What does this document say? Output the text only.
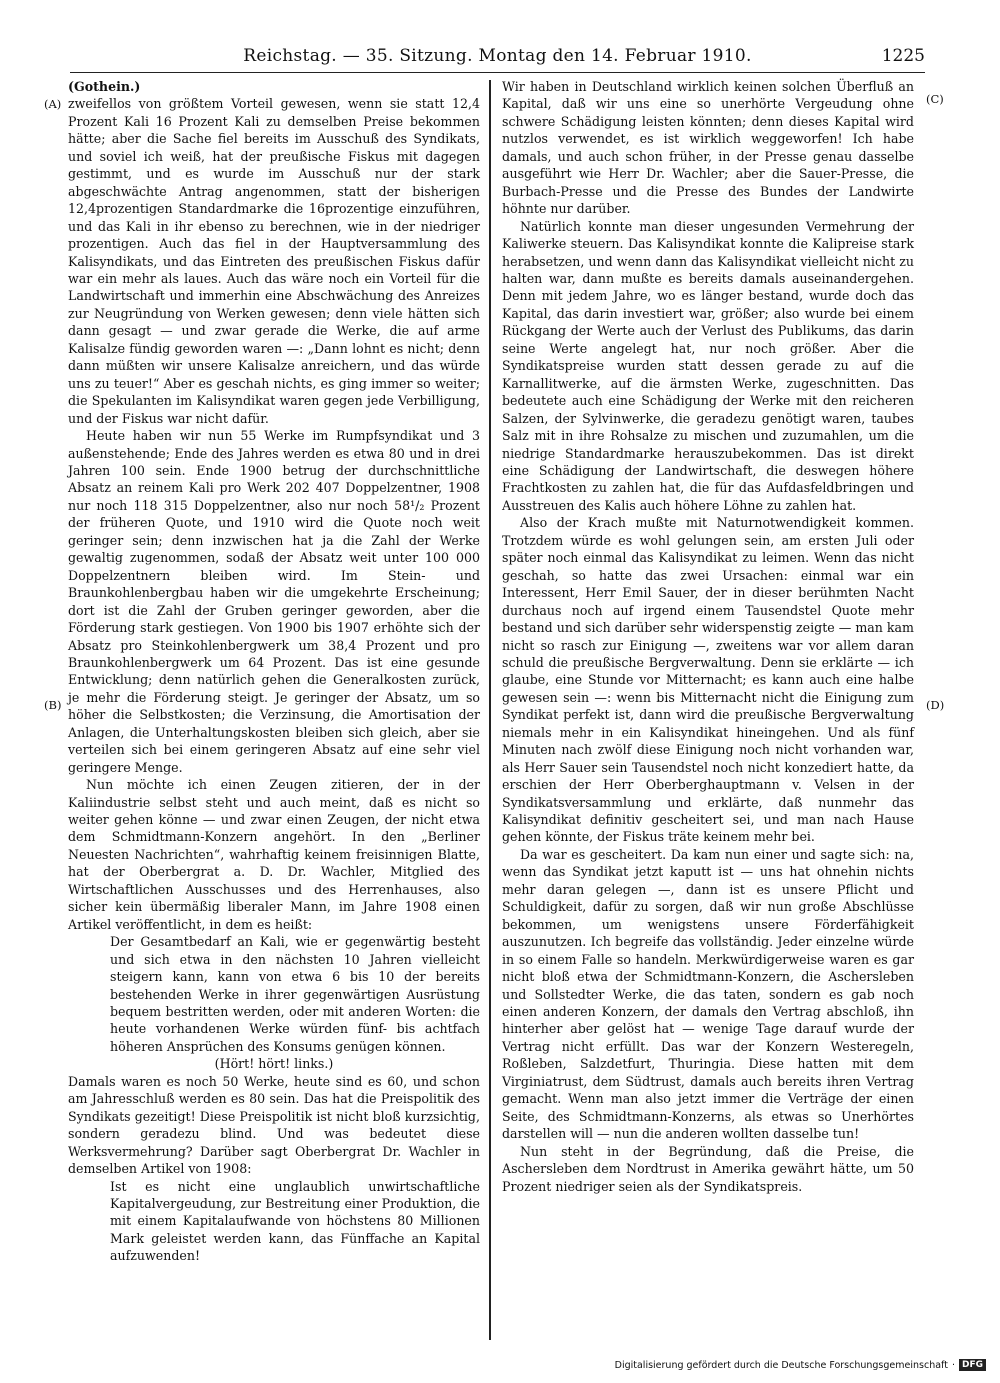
Reichstag. — 35. Sitzung. Montag den 14. Februar 1910.	1225
(A)
(B)
(C)
(D)

(Gothein.)

zweifellos von größtem Vorteil gewesen, wenn sie statt 12,4 Prozent Kali 16 Prozent Kali zu demselben Preise bekommen hätte; aber die Sache fiel bereits im Ausschuß des Syndikats, und soviel ich weiß, hat der preußische Fiskus mit dagegen gestimmt, und es wurde im Ausschuß nur der stark abgeschwächte Antrag angenommen, statt der bisherigen 12,4prozentigen Standardmarke die 16prozentige einzuführen, und das Kali in ihr ebenso zu berechnen, wie in der niedriger prozentigen. Auch das fiel in der Hauptversammlung des Kalisyndikats, und das Eintreten des preußischen Fiskus dafür war ein mehr als laues. Auch das wäre noch ein Vorteil für die Landwirtschaft und immerhin eine Abschwächung des Anreizes zur Neugründung von Werken gewesen; denn viele hätten sich dann gesagt — und zwar gerade die Werke, die auf arme Kalisalze fündig geworden waren —: „Dann lohnt es nicht; denn dann müßten wir unsere Kalisalze anreichern, und das würde uns zu teuer!“ Aber es geschah nichts, es ging immer so weiter; die Spekulanten im Kalisyndikat waren gegen jede Verbilligung, und der Fiskus war nicht dafür.

Heute haben wir nun 55 Werke im Rumpfsyndikat und 3 außenstehende; Ende des Jahres werden es etwa 80 und in drei Jahren 100 sein. Ende 1900 betrug der durchschnittliche Absatz an reinem Kali pro Werk 202 407 Doppelzentner, 1908 nur noch 118 315 Doppelzentner, also nur noch 58¹/₂ Prozent der früheren Quote, und 1910 wird die Quote noch weit geringer sein; denn inzwischen hat ja die Zahl der Werke gewaltig zugenommen, sodaß der Absatz weit unter 100 000 Doppelzentnern bleiben wird. Im Stein- und Braunkohlenbergbau haben wir die umgekehrte Erscheinung; dort ist die Zahl der Gruben geringer geworden, aber die Förderung stark gestiegen. Von 1900 bis 1907 erhöhte sich der Absatz pro Steinkohlenbergwerk um 38,4 Prozent und pro Braunkohlenbergwerk um 64 Prozent. Das ist eine gesunde Entwicklung; denn natürlich gehen die Generalkosten zurück, je mehr die Förderung steigt. Je geringer der Absatz, um so höher die Selbstkosten; die Verzinsung, die Amortisation der Anlagen, die Unterhaltungskosten bleiben sich gleich, aber sie verteilen sich bei einem geringeren Absatz auf eine sehr viel geringere Menge.

Nun möchte ich einen Zeugen zitieren, der in der Kaliindustrie selbst steht und auch meint, daß es nicht so weiter gehen könne — und zwar einen Zeugen, der nicht etwa dem Schmidtmann-Konzern angehört. In den „Berliner Neuesten Nachrichten“, wahrhaftig keinem freisinnigen Blatte, hat der Oberbergrat a. D. Dr. Wachler, Mitglied des Wirtschaftlichen Ausschusses und des Herrenhauses, also sicher kein übermäßig liberaler Mann, im Jahre 1908 einen Artikel veröffentlicht, in dem es heißt:

Der Gesamtbedarf an Kali, wie er gegenwärtig besteht und sich etwa in den nächsten 10 Jahren vielleicht steigern kann, kann von etwa 6 bis 10 der bereits bestehenden Werke in ihrer gegenwärtigen Ausrüstung bequem bestritten werden, oder mit anderen Worten: die heute vorhandenen Werke würden fünf- bis achtfach höheren Ansprüchen des Konsums genügen können.

(Hört! hört! links.)

Damals waren es noch 50 Werke, heute sind es 60, und schon am Jahresschluß werden es 80 sein. Das hat die Preispolitik des Syndikats gezeitigt! Diese Preispolitik ist nicht bloß kurzsichtig, sondern geradezu blind. Und was bedeutet diese Werksvermehrung? Darüber sagt Oberbergrat Dr. Wachler in demselben Artikel von 1908:

Ist es nicht eine unglaublich unwirtschaftliche Kapitalvergeudung, zur Bestreitung einer Produktion, die mit einem Kapitalaufwande von höchstens 80 Millionen Mark geleistet werden kann, das Fünffache an Kapital aufzuwenden!

Wir haben in Deutschland wirklich keinen solchen Überfluß an Kapital, daß wir uns eine so unerhörte Vergeudung ohne schwere Schädigung leisten könnten; denn dieses Kapital wird nutzlos verwendet, es ist wirklich weggeworfen! Ich habe damals, und auch schon früher, in der Presse genau dasselbe ausgeführt wie Herr Dr. Wachler; aber die Sauer-Presse, die Burbach-Presse und die Presse des Bundes der Landwirte höhnte nur darüber.

Natürlich konnte man dieser ungesunden Vermehrung der Kaliwerke steuern. Das Kalisyndikat konnte die Kalipreise stark herabsetzen, und wenn dann das Kalisyndikat vielleicht nicht zu halten war, dann mußte es bereits damals auseinandergehen. Denn mit jedem Jahre, wo es länger bestand, wurde doch das Kapital, das darin investiert war, größer; also wurde bei einem Rückgang der Werte auch der Verlust des Publikums, das darin seine Werte angelegt hat, nur noch größer. Aber die Syndikatspreise wurden statt dessen gerade zu auf die Karnallitwerke, auf die ärmsten Werke, zugeschnitten. Das bedeutete auch eine Schädigung der Werke mit den reicheren Salzen, der Sylvinwerke, die geradezu genötigt waren, taubes Salz mit in ihre Rohsalze zu mischen und zuzumahlen, um die niedrige Standardmarke herauszubekommen. Das ist direkt eine Schädigung der Landwirtschaft, die deswegen höhere Frachtkosten zu zahlen hat, die für das Aufdasfeldbringen und Ausstreuen des Kalis auch höhere Löhne zu zahlen hat.

Also der Krach mußte mit Naturnotwendigkeit kommen. Trotzdem würde es wohl gelungen sein, am ersten Juli oder später noch einmal das Kalisyndikat zu leimen. Wenn das nicht geschah, so hatte das zwei Ursachen: einmal war ein Interessent, Herr Emil Sauer, der in dieser berühmten Nacht durchaus noch auf irgend einem Tausendstel Quote mehr bestand und sich darüber sehr widerspenstig zeigte — man kam nicht so rasch zur Einigung —, zweitens war vor allem daran schuld die preußische Bergverwaltung. Denn sie erklärte — ich glaube, eine Stunde vor Mitternacht; es kann auch eine halbe gewesen sein —: wenn bis Mitternacht nicht die Einigung zum Syndikat perfekt ist, dann wird die preußische Bergverwaltung niemals mehr in ein Kalisyndikat hineingehen. Und als fünf Minuten nach zwölf diese Einigung noch nicht vorhanden war, als Herr Sauer sein Tausendstel noch nicht konzediert hatte, da erschien der Herr Oberberghauptmann v. Velsen in der Syndikatsversammlung und erklärte, daß nunmehr das Kalisyndikat definitiv gescheitert sei, und man nach Hause gehen könnte, der Fiskus träte keinem mehr bei.

Da war es gescheitert. Da kam nun einer und sagte sich: na, wenn das Syndikat jetzt kaputt ist — uns hat ohnehin nichts mehr daran gelegen —, dann ist es unsere Pflicht und Schuldigkeit, dafür zu sorgen, daß wir nun große Abschlüsse bekommen, um wenigstens unsere Förderfähigkeit auszunutzen. Ich begreife das vollständig. Jeder einzelne würde in so einem Falle so handeln. Merkwürdigerweise waren es gar nicht bloß etwa der Schmidtmann-Konzern, die Aschersleben und Sollstedter Werke, die das taten, sondern es gab noch einen anderen Konzern, der damals den Vertrag abschloß, ihn hinterher aber gelöst hat — wenige Tage darauf wurde der Vertrag nicht erfüllt. Das war der Konzern Westeregeln, Roßleben, Salzdetfurt, Thuringia. Diese hatten mit dem Virginiatrust, dem Südtrust, damals auch bereits ihren Vertrag gemacht. Wenn man also jetzt immer die Verträge der einen Seite, des Schmidtmann-Konzerns, als etwas so Unerhörtes darstellen will — nun die anderen wollten dasselbe tun!

Nun steht in der Begründung, daß die Preise, die Aschersleben dem Nordtrust in Amerika gewährt hätte, um 50 Prozent niedriger seien als der Syndikatspreis.

Digitalisierung gefördert durch die Deutsche Forschungsgemeinschaft · DFG
